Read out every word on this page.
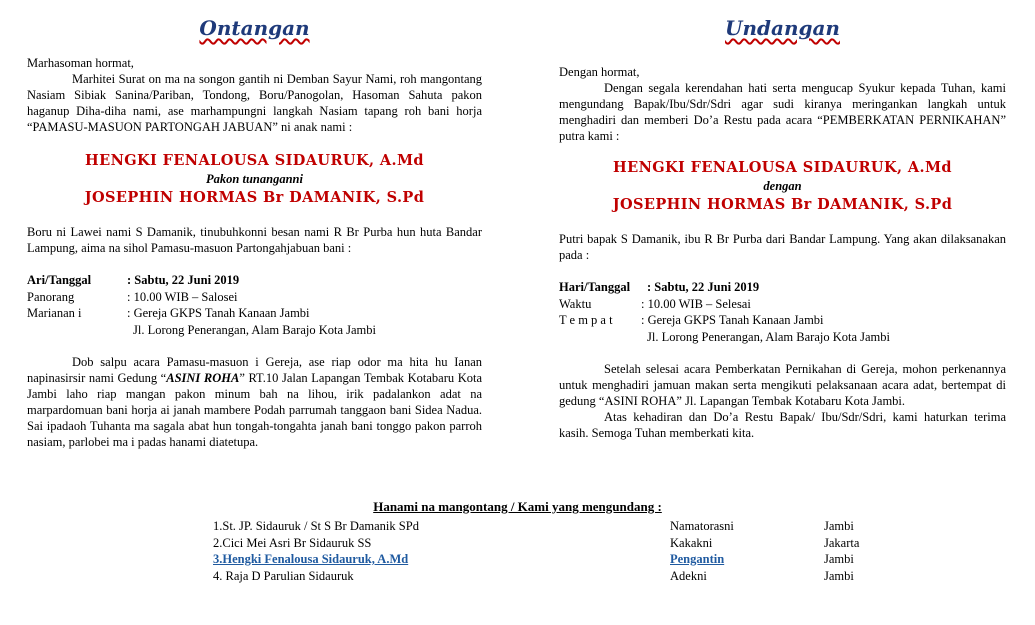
Ontangan

Marhasoman hormat,

Marhitei Surat on ma na songon gantih ni Demban Sayur Nami, roh mangontang Nasiam Sibiak Sanina/Pariban, Tondong, Boru/Panogolan, Hasoman Sahuta pakon haganup Diha-diha nami, ase marhampungni langkah Nasiam tapang roh bani horja “PAMASU-MASUON PARTONGAH JABUAN” ni anak nami :

HENGKI FENALOUSA SIDAURUK, A.Md
Pakon tunanganni
JOSEPHIN HORMAS Br DAMANIK, S.Pd

Boru ni Lawei nami S Damanik, tinubuhkonni besan nami R Br Purba hun huta Bandar Lampung, aima na sihol Pamasu-masuon Partongahjabuan bani :

Ari/Tanggal	: Sabtu, 22 Juni 2019
Panorang	: 10.00 WIB – Salosei
Marianan i	: Gereja GKPS Tanah Kanaan Jambi
Jl. Lorong Penerangan, Alam Barajo Kota Jambi

Dob salpu acara Pamasu-masuon i Gereja, ase riap odor ma hita hu Ianan napinasirsir nami Gedung “ASINI ROHA” RT.10 Jalan Lapangan Tembak Kotabaru Kota Jambi laho riap mangan pakon minum bah na lihou, irik padalankon adat na marpardomuan bani horja ai janah mambere Podah parrumah tanggaon bani Sidea Nadua. Sai ipadaoh Tuhanta ma sagala abat hun tongah-tongahta janah bani tonggo pakon parroh nasiam, parlobei ma i padas hanami diatetupa.

Undangan

Dengan hormat,

Dengan segala kerendahan hati serta mengucap Syukur kepada Tuhan, kami mengundang Bapak/Ibu/Sdr/Sdri agar sudi kiranya meringankan langkah untuk menghadiri dan memberi Do’a Restu pada acara “PEMBERKATAN PERNIKAHAN” putra kami :

HENGKI FENALOUSA SIDAURUK, A.Md
dengan
JOSEPHIN HORMAS Br DAMANIK, S.Pd

Putri bapak S Damanik, ibu R Br Purba dari Bandar Lampung. Yang akan dilaksanakan pada :

Hari/Tanggal	: Sabtu, 22 Juni 2019
Waktu	: 10.00 WIB – Selesai
T e m p a t	: Gereja GKPS Tanah Kanaan Jambi
Jl. Lorong Penerangan, Alam Barajo Kota Jambi

Setelah selesai acara Pemberkatan Pernikahan di Gereja, mohon perkenannya untuk menghadiri jamuan makan serta mengikuti pelaksanaan acara adat, bertempat di gedung “ASINI ROHA” Jl. Lapangan Tembak Kotabaru Kota Jambi.

Atas kehadiran dan Do’a Restu Bapak/ Ibu/Sdr/Sdri, kami haturkan terima kasih. Semoga Tuhan memberkati kita.

Hanami na mangontang / Kami yang mengundang :
1.St. JP. Sidauruk / St S Br Damanik SPd	Namatorasni	Jambi
2.Cici Mei Asri Br Sidauruk SS	Kakakni	Jakarta
3.Hengki Fenalousa Sidauruk, A.Md	Pengantin	Jambi
4. Raja D Parulian Sidauruk	Adekni	Jambi
